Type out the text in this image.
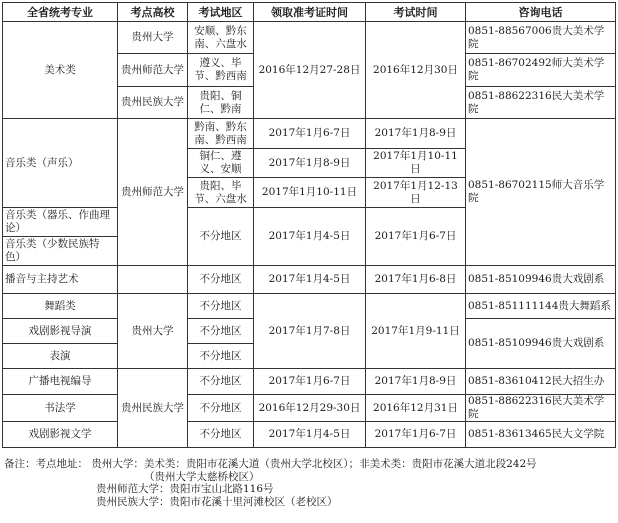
全省统考专业	考点高校	考试地区	领取准考证时间	考试时间	咨询电话
美术类	贵州大学	安顺、黔东南、六盘水	2016年12月27-28日	2016年12月30日	0851-88567006贵大美术学院
	贵州师范大学	遵义、毕节、黔西南			0851-86702492师大美术学院
	贵州民族大学	贵阳、铜仁、黔南			0851-88622316民大美术学院
音乐类（声乐）	贵州师范大学	黔南、黔东南、黔西南	2017年1月6-7日	2017年1月8-9日	0851-86702115师大音乐学院
		铜仁、遵义、安顺	2017年1月8-9日	2017年1月10-11日	
		贵阳、毕节、六盘水	2017年1月10-11日	2017年1月12-13日	
音乐类（器乐、作曲理论）		不分地区	2017年1月4-5日	2017年1月6-7日	
音乐类（少数民族特色）					
播音与主持艺术		不分地区	2017年1月4-5日	2017年1月6-8日	0851-85109946贵大戏剧系
舞蹈类	贵州大学	不分地区	2017年1月7-8日	2017年1月9-11日	0851-851111144贵大舞蹈系
戏剧影视导演		不分地区			0851-85109946贵大戏剧系
表演		不分地区			
广播电视编导	贵州民族大学	不分地区	2017年1月6-7日	2017年1月8-9日	0851-83610412民大招生办
书法学		不分地区	2016年12月29-30日	2016年12月31日	0851-88622316民大美术学院
戏剧影视文学		不分地区	2017年1月4-5日	2017年1月6-7日	0851-83613465民大文学院
备注：考点地址： 贵州大学：美术类：贵阳市花溪大道（贵州大学北校区）；非美术类：贵阳市花溪大道北段242号
（贵州大学太慈桥校区）
贵州师范大学：贵阳市宝山北路116号
贵州民族大学：贵阳市花溪十里河滩校区（老校区）
